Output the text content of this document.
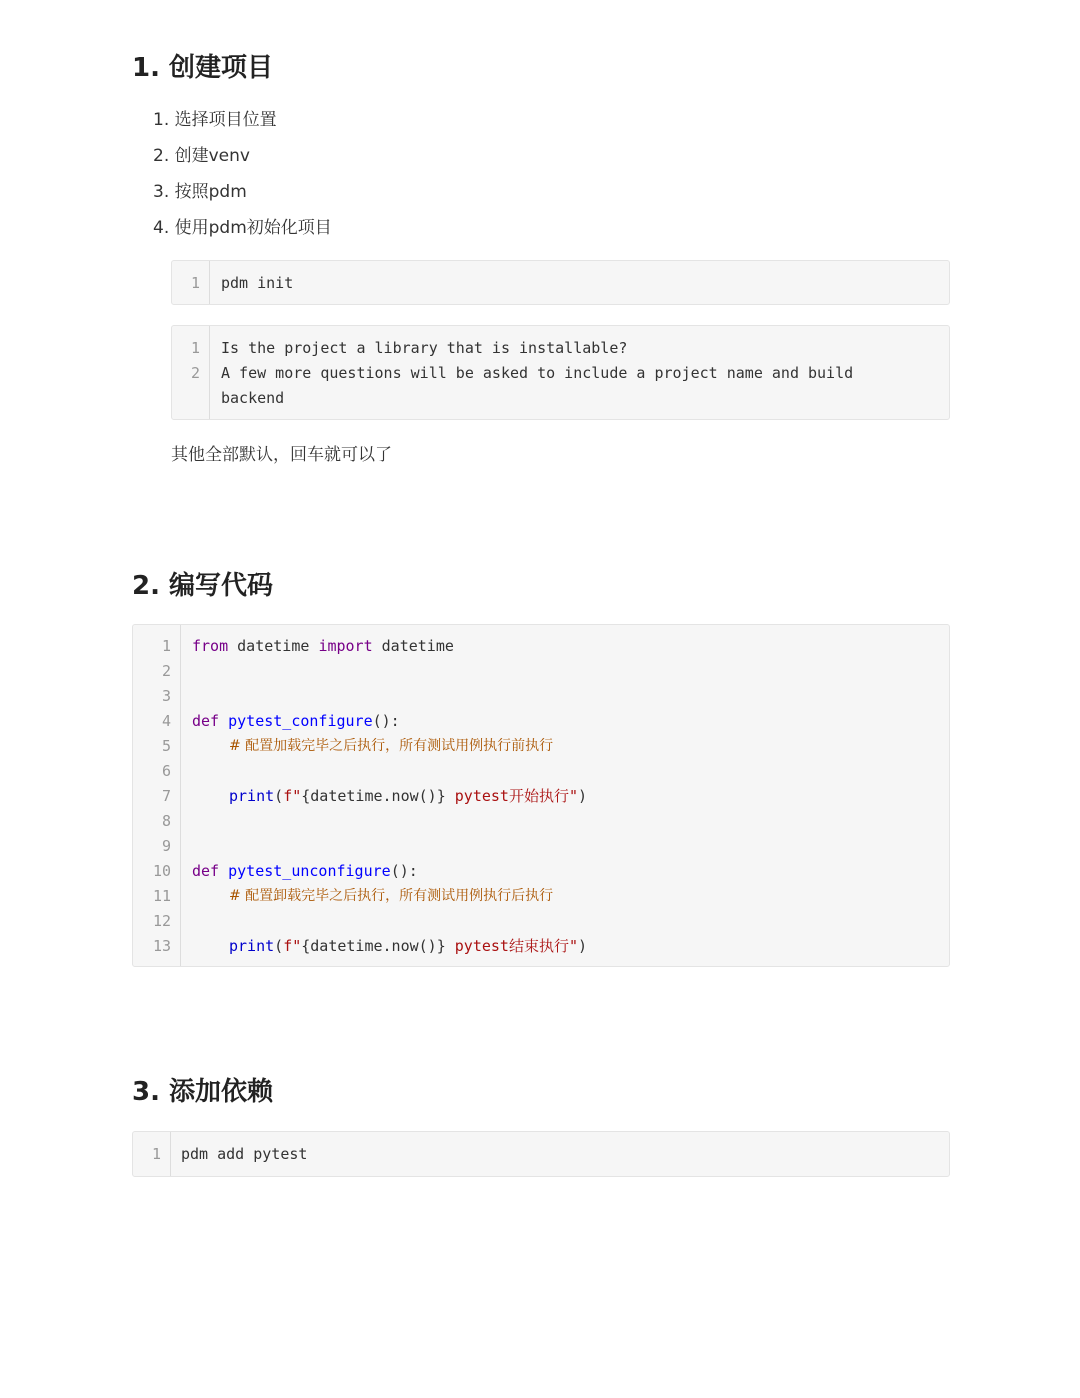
1. 创建项目
1. 选择项目位置
2. 创建venv
3. 按照pdm
4. 使用pdm初始化项目
1 pdm init
1 Is the project a library that is installable?
2 A few more questions will be asked to include a project name and build
backend

其他全部默认，回车就可以了

2. 编写代码
1 from datetime import datetime
2
3
4 def pytest_configure():
5	# 配置加载完毕之后执行，所有测试用例执行前执行
6
7	print(f"{datetime.now()} pytest开始执行")
8
9
10 def pytest_unconfigure():
11	# 配置卸载完毕之后执行，所有测试用例执行后执行
12
13	print(f"{datetime.now()} pytest结束执行")
3. 添加依赖
1 pdm add pytest
